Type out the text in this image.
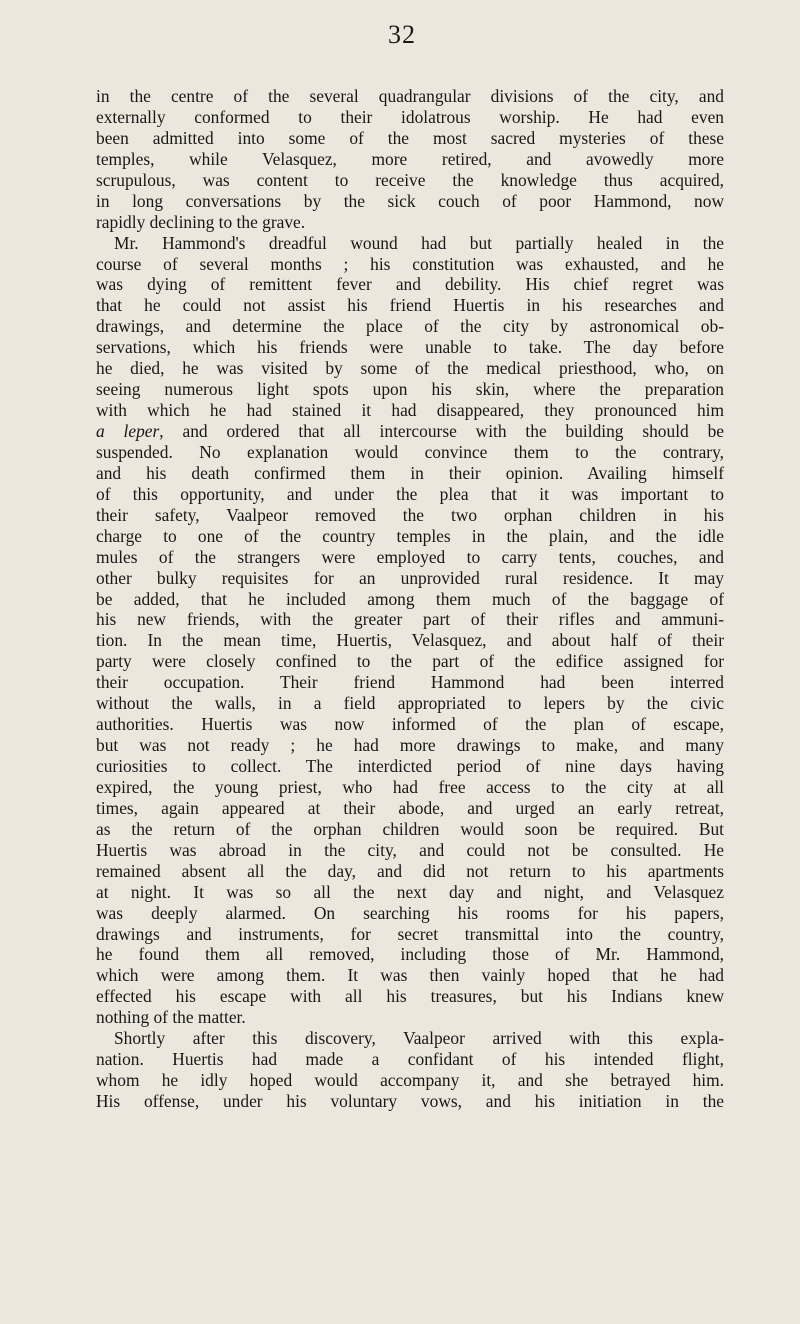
32
in the centre of the several quadrangular divisions of the city, and
externally conformed to their idolatrous worship. He had even
been admitted into some of the most sacred mysteries of these
temples, while Velasquez, more retired, and avowedly more
scrupulous, was content to receive the knowledge thus acquired,
in long conversations by the sick couch of poor Hammond, now
rapidly declining to the grave.
Mr. Hammond's dreadful wound had but partially healed in the
course of several months ; his constitution was exhausted, and he
was dying of remittent fever and debility. His chief regret was
that he could not assist his friend Huertis in his researches and
drawings, and determine the place of the city by astronomical ob-
servations, which his friends were unable to take. The day before
he died, he was visited by some of the medical priesthood, who, on
seeing numerous light spots upon his skin, where the preparation
with which he had stained it had disappeared, they pronounced him
a leper, and ordered that all intercourse with the building should be
suspended. No explanation would convince them to the contrary,
and his death confirmed them in their opinion. Availing himself
of this opportunity, and under the plea that it was important to
their safety, Vaalpeor removed the two orphan children in his
charge to one of the country temples in the plain, and the idle
mules of the strangers were employed to carry tents, couches, and
other bulky requisites for an unprovided rural residence. It may
be added, that he included among them much of the baggage of
his new friends, with the greater part of their rifles and ammuni-
tion. In the mean time, Huertis, Velasquez, and about half of their
party were closely confined to the part of the edifice assigned for
their occupation. Their friend Hammond had been interred
without the walls, in a field appropriated to lepers by the civic
authorities. Huertis was now informed of the plan of escape,
but was not ready ; he had more drawings to make, and many
curiosities to collect. The interdicted period of nine days having
expired, the young priest, who had free access to the city at all
times, again appeared at their abode, and urged an early retreat,
as the return of the orphan children would soon be required. But
Huertis was abroad in the city, and could not be consulted. He
remained absent all the day, and did not return to his apartments
at night. It was so all the next day and night, and Velasquez
was deeply alarmed. On searching his rooms for his papers,
drawings and instruments, for secret transmittal into the country,
he found them all removed, including those of Mr. Hammond,
which were among them. It was then vainly hoped that he had
effected his escape with all his treasures, but his Indians knew
nothing of the matter.
Shortly after this discovery, Vaalpeor arrived with this expla-
nation. Huertis had made a confidant of his intended flight,
whom he idly hoped would accompany it, and she betrayed him.
His offense, under his voluntary vows, and his initiation in the
